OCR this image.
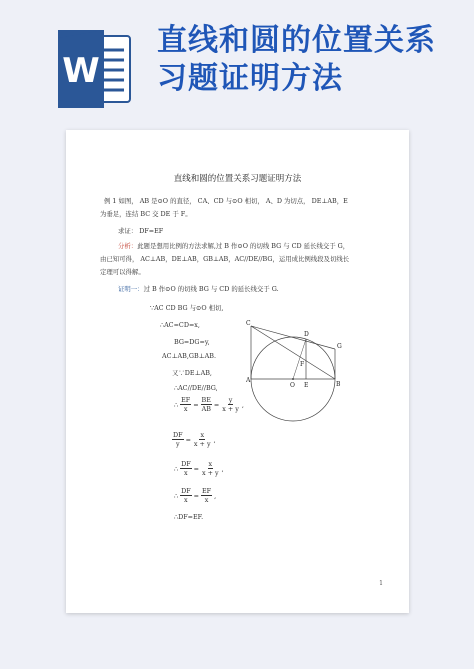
W
直线和圆的位置关系习题证明方法
直线和圆的位置关系习题证明方法
例 1 如图， AB 是⊙O 的直径， CA、CD 与⊙O 相切， A、D 为切点， DE⊥AB，E
为垂足，连结 BC 交 DE 于 F。
求证： DF=EF
分析：此题是想用比例的方法求解,过 B 作⊙O 的切线 BG 与 CD 延长线交于 G，
由已知可得， AC⊥AB，DE⊥AB，GB⊥AB，AC//DE//BG，运用成比例线段及切线长
定理可以得解。
证明一：过 B 作⊙O 的切线 BG 与 CD 的延长线交于 G.
∵AC CD BG 与⊙O 相切,
∴AC=CD=x,
BG=DG=y,
AC⊥AB,GB⊥AB.
又∵DE⊥AB,
∴AC//DE//BG,
∴ $\frac{EF}{x} = \frac{BE}{AB} = \frac{y}{x + y}$ ,
$\frac{DF}{y} = \frac{x}{x + y}$ ,
∴ $\frac{DF}{x} = \frac{x}{x + y}$ ,
∴ $\frac{DF}{x} = \frac{EF}{x}$ ,
∴DF=EF.
C
D
G
F
A
O E	B
1
